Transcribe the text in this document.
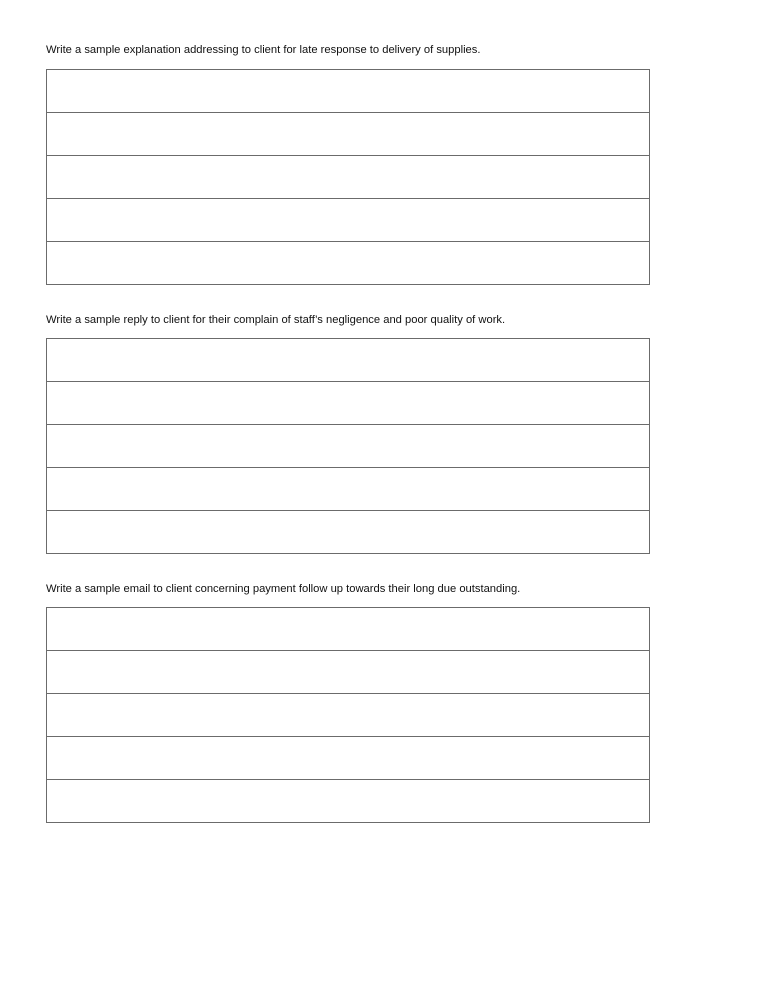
Write a sample explanation addressing to client for late response to delivery of supplies.

Write a sample reply to client for their complain of staff’s negligence and poor quality of work.

Write a sample email to client concerning payment follow up towards their long due outstanding.
